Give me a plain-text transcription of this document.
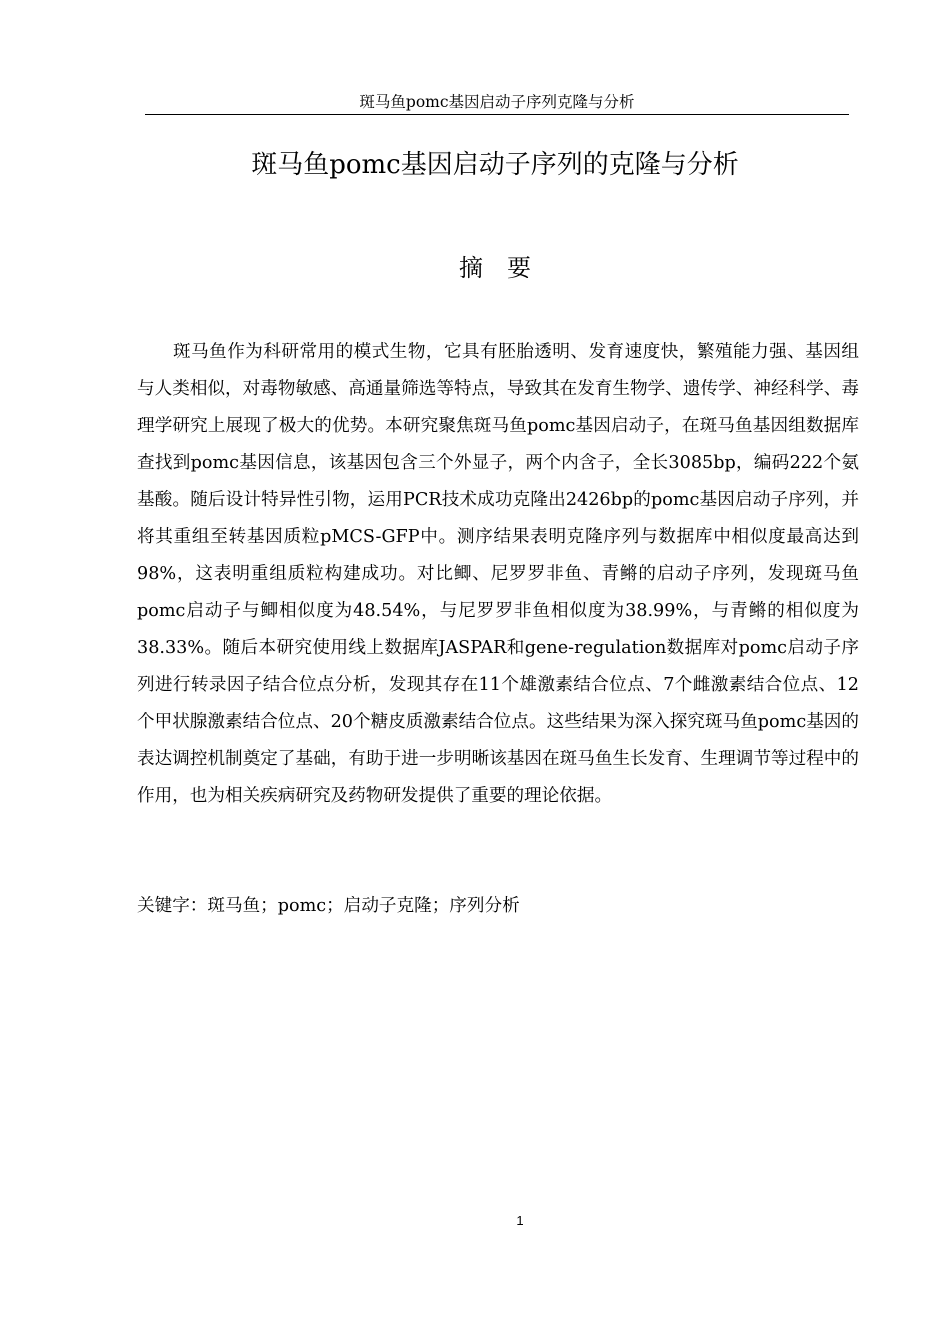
斑马鱼pomc基因启动子序列克隆与分析
斑马鱼pomc基因启动子序列的克隆与分析
摘要

斑马鱼作为科研常用的模式生物，它具有胚胎透明、发育速度快，繁殖能力强、基因组与人类相似，对毒物敏感、高通量筛选等特点，导致其在发育生物学、遗传学、神经科学、毒理学研究上展现了极大的优势。本研究聚焦斑马鱼pomc基因启动子，在斑马鱼基因组数据库查找到pomc基因信息，该基因包含三个外显子，两个内含子，全长3085bp，编码222个氨基酸。随后设计特异性引物，运用PCR技术成功克隆出2426bp的pomc基因启动子序列，并将其重组至转基因质粒pMCS-GFP中。测序结果表明克隆序列与数据库中相似度最高达到98%，这表明重组质粒构建成功。对比鲫、尼罗罗非鱼、青鳉的启动子序列，发现斑马鱼pomc启动子与鲫相似度为48.54%，与尼罗罗非鱼相似度为38.99%，与青鳉的相似度为38.33%。随后本研究使用线上数据库JASPAR和gene-regulation数据库对pomc启动子序列进行转录因子结合位点分析，发现其存在11个雄激素结合位点、7个雌激素结合位点、12个甲状腺激素结合位点、20个糖皮质激素结合位点。这些结果为深入探究斑马鱼pomc基因的表达调控机制奠定了基础，有助于进一步明晰该基因在斑马鱼生长发育、生理调节等过程中的作用，也为相关疾病研究及药物研发提供了重要的理论依据。

关键字：斑马鱼；pomc；启动子克隆；序列分析

1
